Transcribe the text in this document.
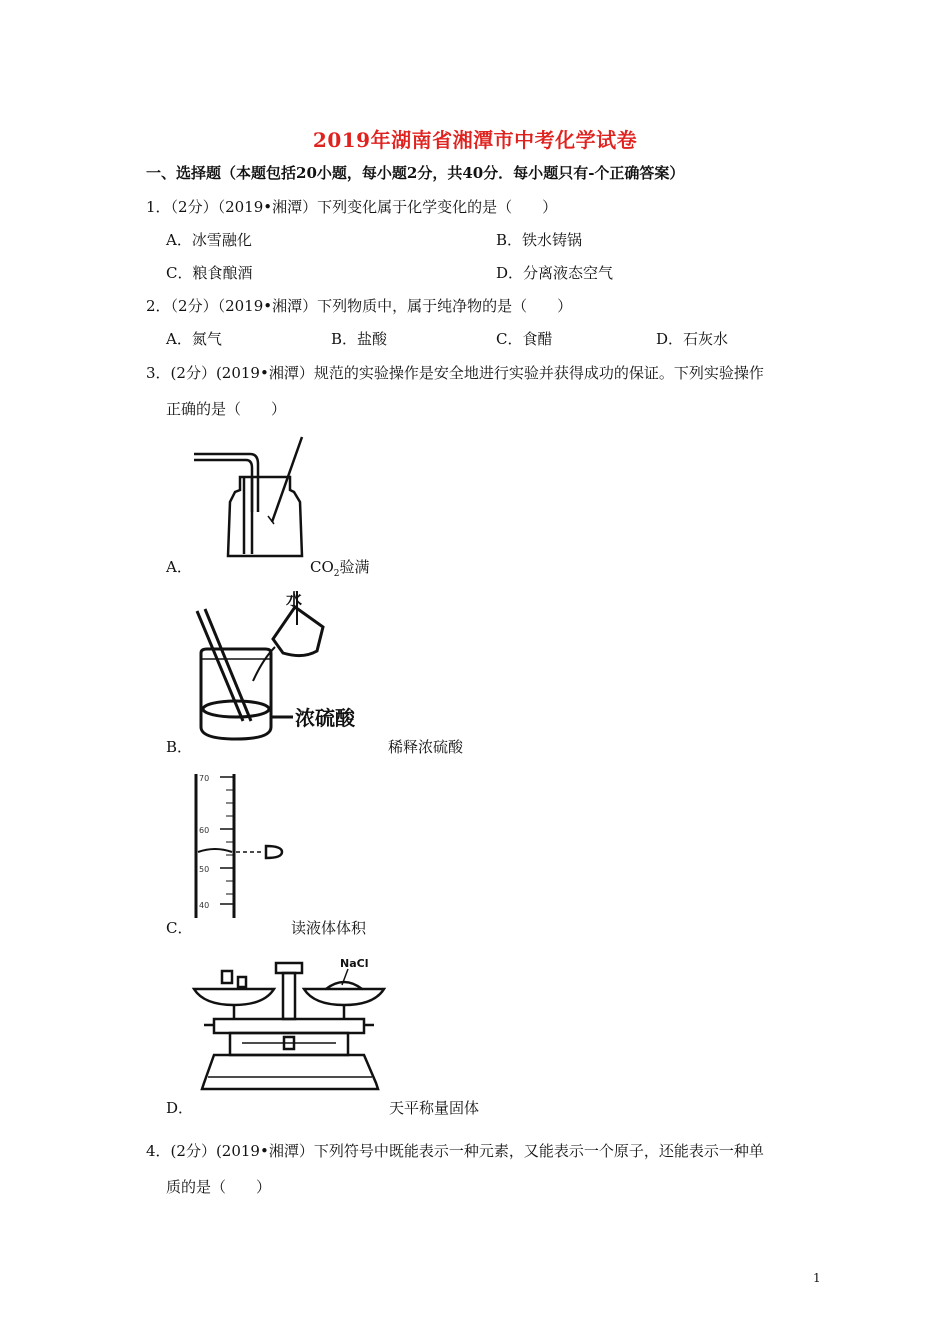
2019年湖南省湘潭市中考化学试卷
一、选择题（本题包括20小题，每小题2分，共40分．每小题只有-个正确答案）
1．（2分）（2019•湘潭）下列变化属于化学变化的是（　　）
A．冰雪融化	B．铁水铸锅
C．粮食酿酒	D．分离液态空气
2．（2分）（2019•湘潭）下列物质中，属于纯净物的是（　　）
A．氮气	B．盐酸	C．食醋	D．石灰水
3．(2分）(2019•湘潭）规范的实验操作是安全地进行实验并获得成功的保证。下列实验操作
正确的是（　　）
A．	$CO_2$验满
水
浓硫酸
B．	稀释浓硫酸
70
60
50
40
C．	读液体体积
NaCl
D．	天平称量固体
4．(2分）(2019•湘潭）下列符号中既能表示一种元素，又能表示一个原子，还能表示一种单
质的是（　　）
1
